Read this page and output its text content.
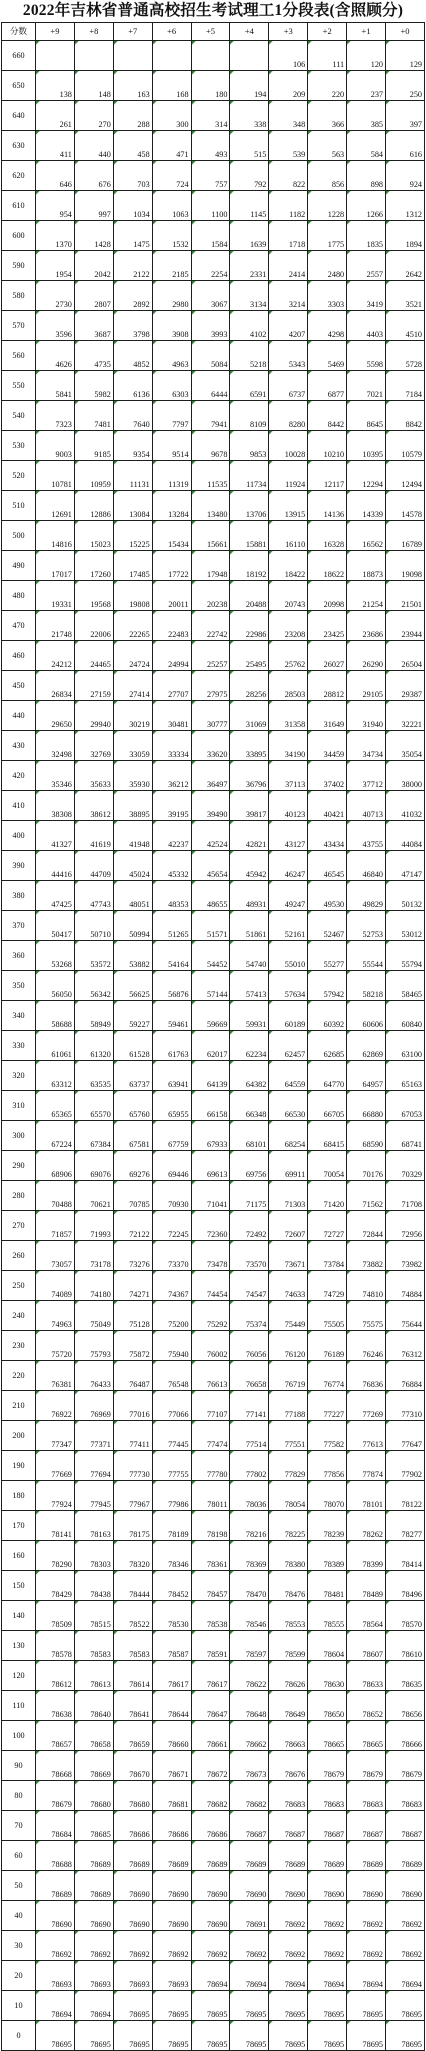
2022年吉林省普通高校招生考试理工1分段表(含照顾分)
分数	+9	+8	+7	+6	+5	+4	+3	+2	+1	+0
660							106	111	120	129
650	138	148	163	168	180	194	209	220	237	250
640	261	270	288	300	314	338	348	366	385	397
630	411	440	458	471	493	515	539	563	584	616
620	646	676	703	724	757	792	822	856	898	924
610	954	997	1034	1063	1100	1145	1182	1228	1266	1312
600	1370	1428	1475	1532	1584	1639	1718	1775	1835	1894
590	1954	2042	2122	2185	2254	2331	2414	2480	2557	2642
580	2730	2807	2892	2980	3067	3134	3214	3303	3419	3521
570	3596	3687	3798	3908	3993	4102	4207	4298	4403	4510
560	4626	4735	4852	4963	5084	5218	5343	5469	5598	5728
550	5841	5982	6136	6303	6444	6591	6737	6877	7021	7184
540	7323	7481	7640	7797	7941	8109	8280	8442	8645	8842
530	9003	9185	9354	9514	9678	9853	10028	10210	10395	10579
520	10781	10959	11131	11319	11535	11734	11924	12117	12294	12494
510	12691	12886	13084	13284	13480	13706	13915	14136	14339	14578
500	14816	15023	15225	15434	15661	15881	16110	16328	16562	16789
490	17017	17260	17485	17722	17948	18192	18422	18622	18873	19098
480	19331	19568	19808	20011	20238	20488	20743	20998	21254	21501
470	21748	22006	22265	22483	22742	22986	23208	23425	23686	23944
460	24212	24465	24724	24994	25257	25495	25762	26027	26290	26504
450	26834	27159	27414	27707	27975	28256	28503	28812	29105	29387
440	29650	29940	30219	30481	30777	31069	31358	31649	31940	32221
430	32498	32769	33059	33334	33620	33895	34190	34459	34734	35054
420	35346	35633	35930	36212	36497	36796	37113	37402	37712	38000
410	38308	38612	38895	39195	39490	39817	40123	40421	40713	41032
400	41327	41619	41948	42237	42524	42821	43127	43434	43755	44084
390	44416	44709	45024	45332	45654	45942	46247	46545	46840	47147
380	47425	47743	48051	48353	48655	48931	49247	49530	49829	50132
370	50417	50710	50994	51265	51571	51861	52161	52467	52753	53012
360	53268	53572	53882	54164	54452	54740	55010	55277	55544	55794
350	56050	56342	56625	56876	57144	57413	57634	57942	58218	58465
340	58688	58949	59227	59461	59669	59931	60189	60392	60606	60840
330	61061	61320	61528	61763	62017	62234	62457	62685	62869	63100
320	63312	63535	63737	63941	64139	64382	64559	64770	64957	65163
310	65365	65570	65760	65955	66158	66348	66530	66705	66880	67053
300	67224	67384	67581	67759	67933	68101	68254	68415	68590	68741
290	68906	69076	69276	69446	69613	69756	69911	70054	70176	70329
280	70488	70621	70785	70930	71041	71175	71303	71420	71562	71708
270	71857	71993	72122	72245	72360	72492	72607	72727	72844	72956
260	73057	73178	73276	73370	73478	73570	73671	73784	73882	73982
250	74089	74180	74271	74367	74454	74547	74633	74729	74810	74884
240	74963	75049	75128	75200	75292	75374	75449	75505	75575	75644
230	75720	75793	75872	75940	76002	76056	76120	76189	76246	76312
220	76381	76433	76487	76548	76613	76658	76719	76774	76836	76884
210	76922	76969	77016	77066	77107	77141	77188	77227	77269	77310
200	77347	77371	77411	77445	77474	77514	77551	77582	77613	77647
190	77669	77694	77730	77755	77780	77802	77829	77856	77874	77902
180	77924	77945	77967	77986	78011	78036	78054	78070	78101	78122
170	78141	78163	78175	78189	78198	78216	78225	78239	78262	78277
160	78290	78303	78320	78346	78361	78369	78380	78389	78399	78414
150	78429	78438	78444	78452	78457	78470	78476	78481	78489	78496
140	78509	78515	78522	78530	78538	78546	78553	78555	78564	78570
130	78578	78583	78583	78587	78591	78597	78599	78604	78607	78610
120	78612	78613	78614	78617	78617	78622	78626	78630	78633	78635
110	78638	78640	78641	78644	78647	78648	78649	78650	78652	78656
100	78657	78658	78659	78660	78661	78662	78663	78665	78665	78666
90	78668	78669	78670	78671	78672	78673	78676	78679	78679	78679
80	78679	78680	78680	78681	78682	78682	78683	78683	78683	78683
70	78684	78685	78686	78686	78686	78687	78687	78687	78687	78687
60	78688	78689	78689	78689	78689	78689	78689	78689	78689	78689
50	78689	78689	78690	78690	78690	78690	78690	78690	78690	78690
40	78690	78690	78690	78690	78690	78691	78692	78692	78692	78692
30	78692	78692	78692	78692	78692	78692	78692	78692	78692	78692
20	78693	78693	78693	78693	78694	78694	78694	78694	78694	78694
10	78694	78694	78695	78695	78695	78695	78695	78695	78695	78695
0	78695	78695	78695	78695	78695	78695	78695	78695	78695	78695
